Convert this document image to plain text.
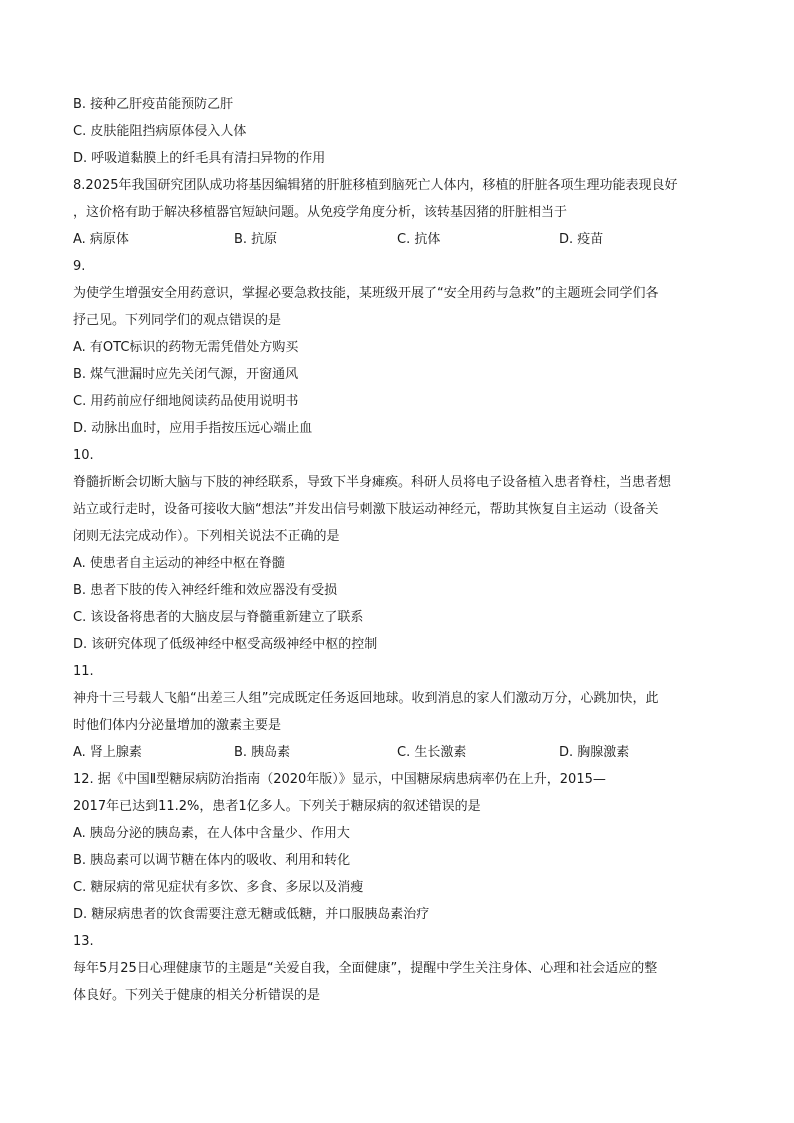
B. 接种乙肝疫苗能预防乙肝
C. 皮肤能阻挡病原体侵入人体
D. 呼吸道黏膜上的纤毛具有清扫异物的作用
8.2025年我国研究团队成功将基因编辑猪的肝脏移植到脑死亡人体内，移植的肝脏各项生理功能表现良好
，这价格有助于解决移植器官短缺问题。从免疫学角度分析，该转基因猪的肝脏相当于
A. 病原体	B. 抗原	C. 抗体	D. 疫苗
9.
为使学生增强安全用药意识，掌握必要急救技能，某班级开展了“安全用药与急救”的主题班会同学们各
抒己见。下列同学们的观点错误的是
A. 有OTC标识的药物无需凭借处方购买
B. 煤气泄漏时应先关闭气源，开窗通风
C. 用药前应仔细地阅读药品使用说明书
D. 动脉出血时，应用手指按压远心端止血
10.
脊髓折断会切断大脑与下肢的神经联系，导致下半身瘫痪。科研人员将电子设备植入患者脊柱，当患者想
站立或行走时，设备可接收大脑“想法”并发出信号刺激下肢运动神经元，帮助其恢复自主运动（设备关
闭则无法完成动作）。下列相关说法不正确的是
A. 使患者自主运动的神经中枢在脊髓
B. 患者下肢的传入神经纤维和效应器没有受损
C. 该设备将患者的大脑皮层与脊髓重新建立了联系
D. 该研究体现了低级神经中枢受高级神经中枢的控制
11.
神舟十三号载人飞船“出差三人组”完成既定任务返回地球。收到消息的家人们激动万分，心跳加快，此
时他们体内分泌量增加的激素主要是
A. 肾上腺素	B. 胰岛素	C. 生长激素	D. 胸腺激素
12. 据《中国Ⅱ型糖尿病防治指南（2020年版）》显示，中国糖尿病患病率仍在上升，2015—
2017年已达到11.2%，患者1亿多人。下列关于糖尿病的叙述错误的是
A. 胰岛分泌的胰岛素，在人体中含量少、作用大
B. 胰岛素可以调节糖在体内的吸收、利用和转化
C. 糖尿病的常见症状有多饮、多食、多尿以及消瘦
D. 糖尿病患者的饮食需要注意无糖或低糖，并口服胰岛素治疗
13.
每年5月25日心理健康节的主题是“关爱自我，全面健康”，提醒中学生关注身体、心理和社会适应的整
体良好。下列关于健康的相关分析错误的是
